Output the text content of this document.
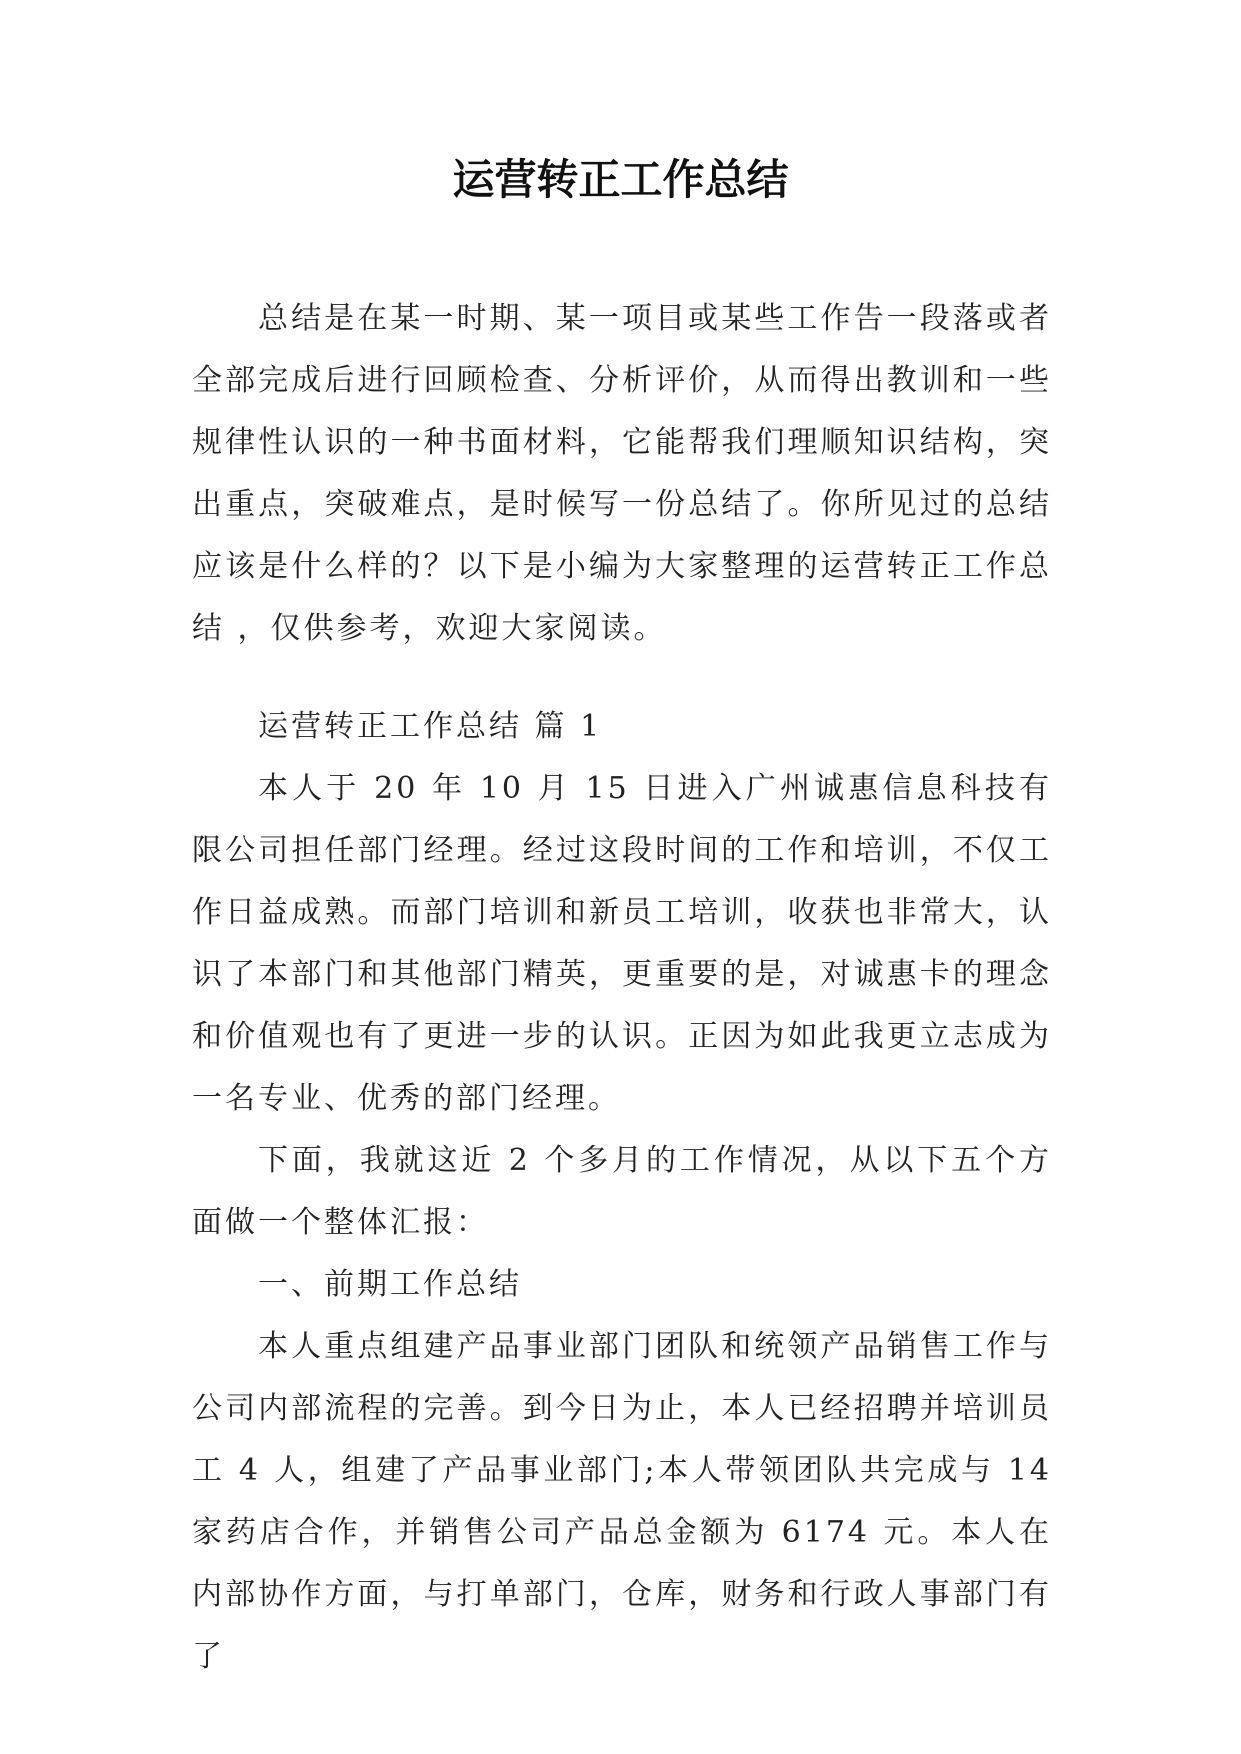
运营转正工作总结

总结是在某一时期、某一项目或某些工作告一段落或者全部完成后进行回顾检查、分析评价，从而得出教训和一些规律性认识的一种书面材料，它能帮我们理顺知识结构，突出重点，突破难点，是时候写一份总结了。你所见过的总结应该是什么样的？以下是小编为大家整理的运营转正工作总结 ，仅供参考，欢迎大家阅读。

运营转正工作总结 篇 1

本人于 20 年 10 月 15 日进入广州诚惠信息科技有限公司担任部门经理。经过这段时间的工作和培训，不仅工作日益成熟。而部门培训和新员工培训，收获也非常大，认识了本部门和其他部门精英，更重要的是，对诚惠卡的理念和价值观也有了更进一步的认识。正因为如此我更立志成为一名专业、优秀的部门经理。

下面，我就这近 2 个多月的工作情况，从以下五个方面做一个整体汇报：

一、前期工作总结

本人重点组建产品事业部门团队和统领产品销售工作与公司内部流程的完善。到今日为止，本人已经招聘并培训员工 4 人，组建了产品事业部门;本人带领团队共完成与 14 家药店合作，并销售公司产品总金额为 6174 元。本人在内部协作方面，与打单部门，仓库，财务和行政人事部门有了
